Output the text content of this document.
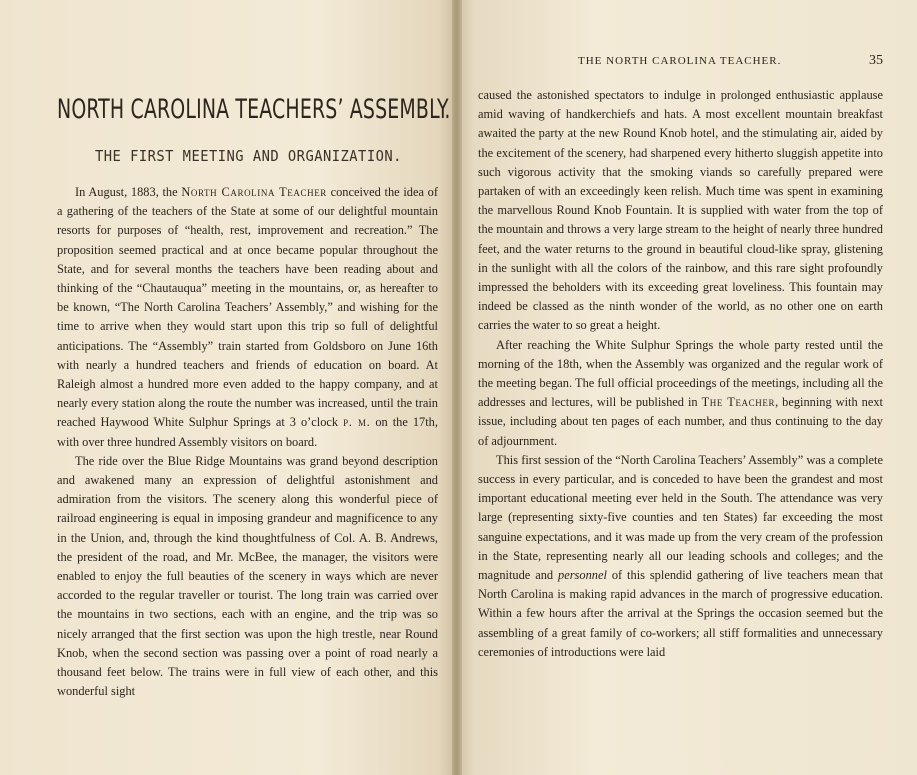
NORTH CAROLINA TEACHERS’ ASSEMBLY.
THE FIRST MEETING AND ORGANIZATION.

In August, 1883, the North Carolina Teacher conceived the idea of a gathering of the teachers of the State at some of our delightful mountain resorts for purposes of “health, rest, improvement and recreation.” The proposition seemed practical and at once became popular throughout the State, and for several months the teachers have been reading about and thinking of the “Chautauqua” meeting in the mountains, or, as hereafter to be known, “The North Carolina Teachers’ Assembly,” and wishing for the time to arrive when they would start upon this trip so full of delightful anticipations. The “Assembly” train started from Goldsboro on June 16th with nearly a hundred teachers and friends of education on board. At Raleigh almost a hundred more even added to the happy company, and at nearly every station along the route the number was increased, until the train reached Haywood White Sulphur Springs at 3 o’clock p. m. on the 17th, with over three hundred Assembly visitors on board.

The ride over the Blue Ridge Mountains was grand beyond description and awakened many an expression of delightful astonishment and admiration from the visitors. The scenery along this wonderful piece of railroad engineering is equal in imposing grandeur and magnificence to any in the Union, and, through the kind thoughtfulness of Col. A. B. Andrews, the president of the road, and Mr. McBee, the manager, the visitors were enabled to enjoy the full beauties of the scenery in ways which are never accorded to the regular traveller or tourist. The long train was carried over the mountains in two sections, each with an engine, and the trip was so nicely arranged that the first section was upon the high trestle, near Round Knob, when the second section was passing over a point of road nearly a thousand feet below. The trains were in full view of each other, and this wonderful sight

THE NORTH CAROLINA TEACHER.	35

caused the astonished spectators to indulge in prolonged enthusiastic applause amid waving of handkerchiefs and hats. A most excellent mountain breakfast awaited the party at the new Round Knob hotel, and the stimulating air, aided by the excitement of the scenery, had sharpened every hitherto sluggish appetite into such vigorous activity that the smoking viands so carefully prepared were partaken of with an exceedingly keen relish. Much time was spent in examining the marvellous Round Knob Fountain. It is supplied with water from the top of the mountain and throws a very large stream to the height of nearly three hundred feet, and the water returns to the ground in beautiful cloud-like spray, glistening in the sunlight with all the colors of the rainbow, and this rare sight profoundly impressed the beholders with its exceeding great loveliness. This fountain may indeed be classed as the ninth wonder of the world, as no other one on earth carries the water to so great a height.

After reaching the White Sulphur Springs the whole party rested until the morning of the 18th, when the Assembly was organized and the regular work of the meeting began. The full official proceedings of the meetings, including all the addresses and lectures, will be published in The Teacher, beginning with next issue, including about ten pages of each number, and thus continuing to the day of adjournment.

This first session of the “North Carolina Teachers’ Assembly” was a complete success in every particular, and is conceded to have been the grandest and most important educational meeting ever held in the South. The attendance was very large (representing sixty-five counties and ten States) far exceeding the most sanguine expectations, and it was made up from the very cream of the profession in the State, representing nearly all our leading schools and colleges; and the magnitude and personnel of this splendid gathering of live teachers mean that North Carolina is making rapid advances in the march of progressive education. Within a few hours after the arrival at the Springs the occasion seemed but the assembling of a great family of co-workers; all stiff formalities and unnecessary ceremonies of introductions were laid
